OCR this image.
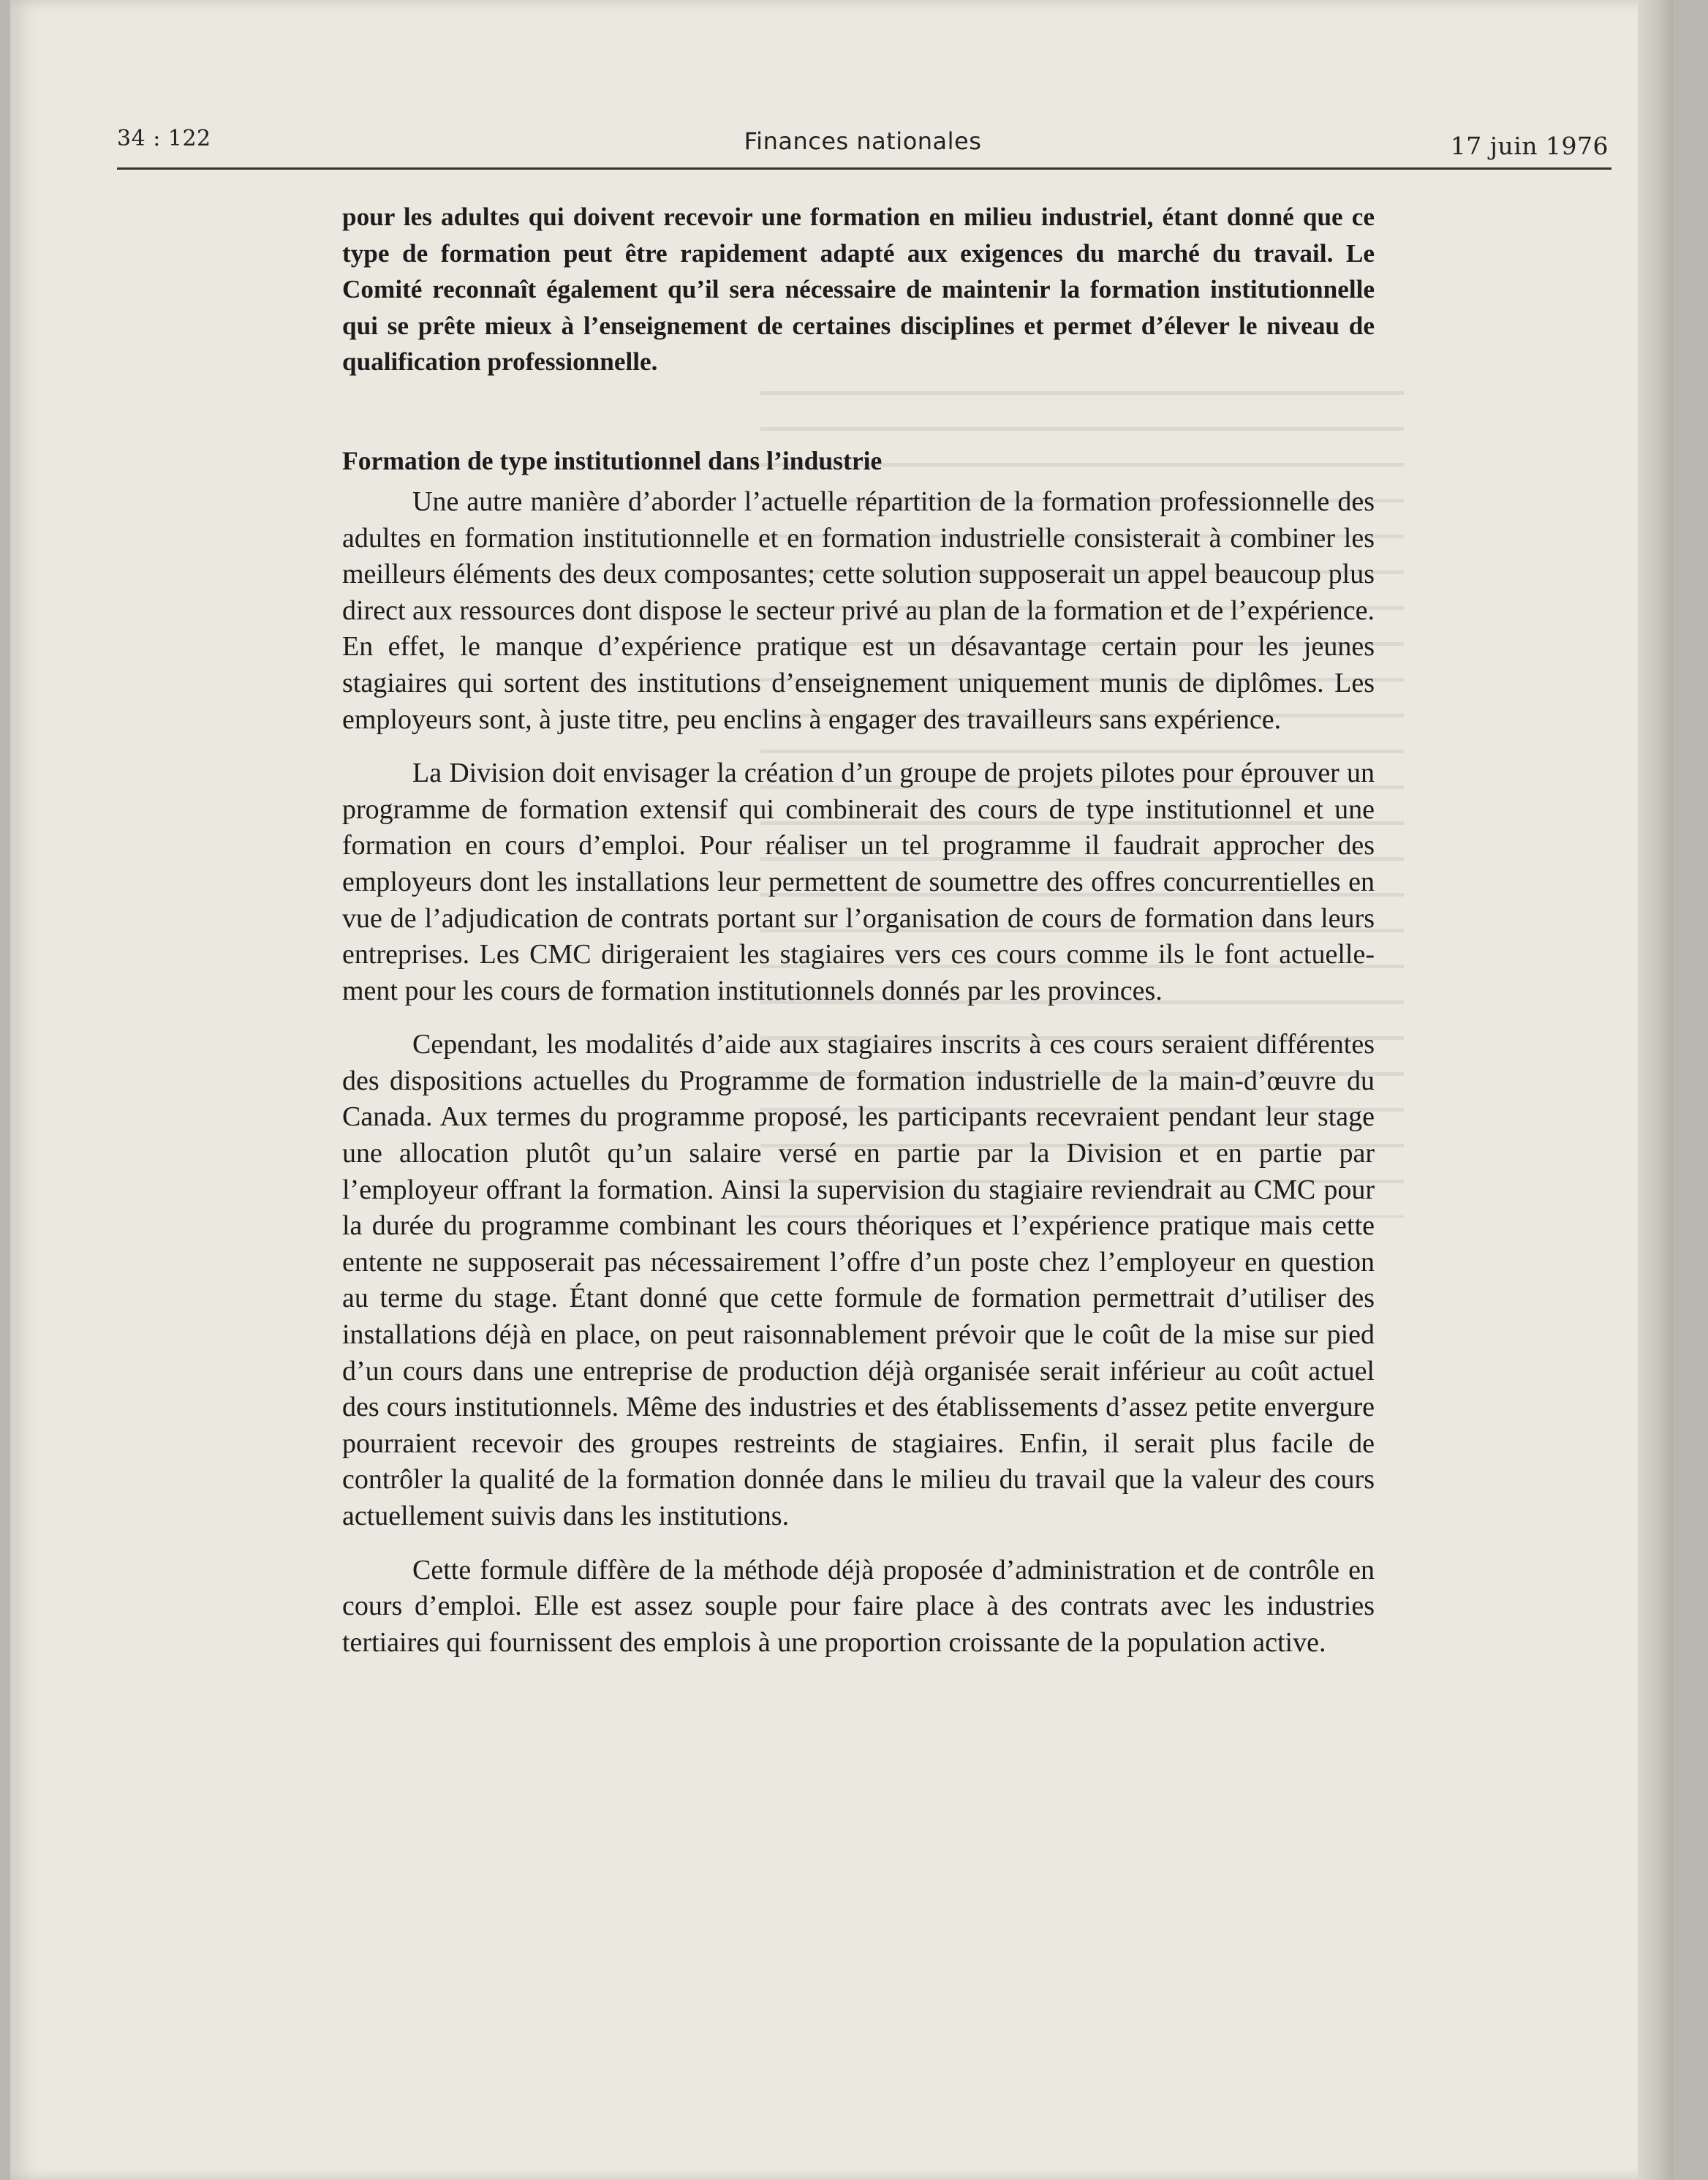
34 : 122	Finances nationales	17 juin 1976

pour les adultes qui doivent recevoir une formation en milieu industriel, étant donné que ce type de formation peut être rapidement adapté aux exigences du marché du travail. Le Comité reconnaît également qu’il sera nécessaire de maintenir la formation institutionnelle qui se prête mieux à l’enseignement de certaines disciplines et permet d’élever le niveau de qualification professionnelle.

Formation de type institutionnel dans l’industrie

Une autre manière d’aborder l’actuelle répartition de la formation professionnelle des adultes en formation institutionnelle et en formation industrielle consisterait à combiner les meilleurs éléments des deux composantes; cette solution supposerait un appel beaucoup plus direct aux ressources dont dispose le secteur privé au plan de la formation et de l’expérience. En effet, le manque d’expérience pratique est un désavantage certain pour les jeunes stagiaires qui sortent des institutions d’enseignement uniquement munis de diplômes. Les employeurs sont, à juste titre, peu enclins à engager des travailleurs sans expérience.

La Division doit envisager la création d’un groupe de projets pilotes pour éprouver un programme de formation extensif qui combinerait des cours de type institutionnel et une formation en cours d’emploi. Pour réaliser un tel programme il faudrait approcher des employeurs dont les installations leur permettent de soumettre des offres concurrentielles en vue de l’adjudication de contrats portant sur l’organisation de cours de formation dans leurs entreprises. Les CMC dirigeraient les stagiaires vers ces cours comme ils le font actuellement pour les cours de formation institutionnels donnés par les provinces.

Cependant, les modalités d’aide aux stagiaires inscrits à ces cours seraient différentes des dispositions actuelles du Programme de formation industrielle de la main-d’œuvre du Canada. Aux termes du programme proposé, les participants recevraient pendant leur stage une allocation plutôt qu’un salaire versé en partie par la Division et en partie par l’employeur offrant la formation. Ainsi la supervision du stagiaire reviendrait au CMC pour la durée du programme combinant les cours théoriques et l’expérience pratique mais cette entente ne supposerait pas nécessairement l’offre d’un poste chez l’employeur en question au terme du stage. Étant donné que cette formule de formation permettrait d’utiliser des installations déjà en place, on peut raisonnablement prévoir que le coût de la mise sur pied d’un cours dans une entreprise de production déjà organisée serait inférieur au coût actuel des cours institutionnels. Même des industries et des établissements d’assez petite envergure pourraient recevoir des groupes restreints de stagiaires. Enfin, il serait plus facile de contrôler la qualité de la formation donnée dans le milieu du travail que la valeur des cours actuellement suivis dans les institutions.

Cette formule diffère de la méthode déjà proposée d’administration et de contrôle en cours d’emploi. Elle est assez souple pour faire place à des contrats avec les industries tertiaires qui fournissent des emplois à une proportion croissante de la population active.
